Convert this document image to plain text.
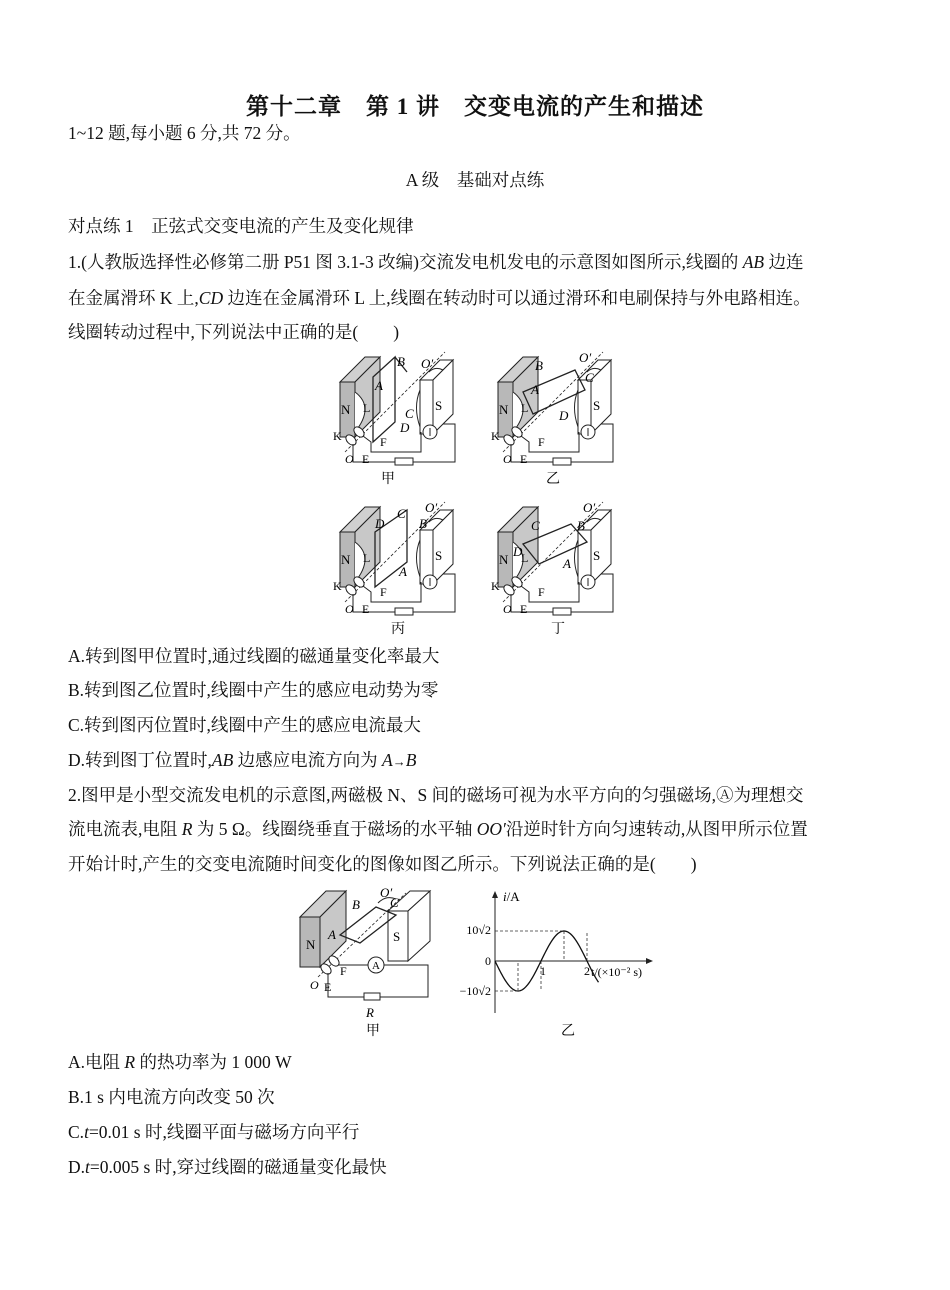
第十二章　第 1 讲　交变电流的产生和描述
1~12 题,每小题 6 分,共 72 分。
A 级　基础对点练
对点练 1　正弦式交变电流的产生及变化规律
1.(人教版选择性必修第二册 P51 图 3.1-3 改编)交流发电机发电的示意图如图所示,线圈的 AB 边连
在金属滑环 K 上,CD 边连在金属滑环 L 上,线圈在转动时可以通过滑环和电刷保持与外电路相连。
线圈转动过程中,下列说法中正确的是(　　)
N	S
A
B
C
D
O′
L
K	F
O E
甲
N	S
A
B
C
D
O′
L
K	F
O E
乙
N	S
D
C
B
A
O′
L
K	F
O E
丙
N	S
D
C	B
A
O′
L
K	F
O E
丁
A.转到图甲位置时,通过线圈的磁通量变化率最大
B.转到图乙位置时,线圈中产生的感应电动势为零
C.转到图丙位置时,线圈中产生的感应电流最大
D.转到图丁位置时,AB 边感应电流方向为 A→B
2.图甲是小型交流发电机的示意图,两磁极 N、S 间的磁场可视为水平方向的匀强磁场,Ⓐ为理想交
流电流表,电阻 R 为 5 Ω。线圈绕垂直于磁场的水平轴 OO′沿逆时针方向匀速转动,从图甲所示位置
开始计时,产生的交变电流随时间变化的图像如图乙所示。下列说法正确的是(　　)
A
N
S
A
B C
O′
F
O E
R
甲
i/A
t/(×10⁻² s)
10√2
0
−10√2
1	2
乙
A.电阻 R 的热功率为 1 000 W
B.1 s 内电流方向改变 50 次
C.t=0.01 s 时,线圈平面与磁场方向平行
D.t=0.005 s 时,穿过线圈的磁通量变化最快
